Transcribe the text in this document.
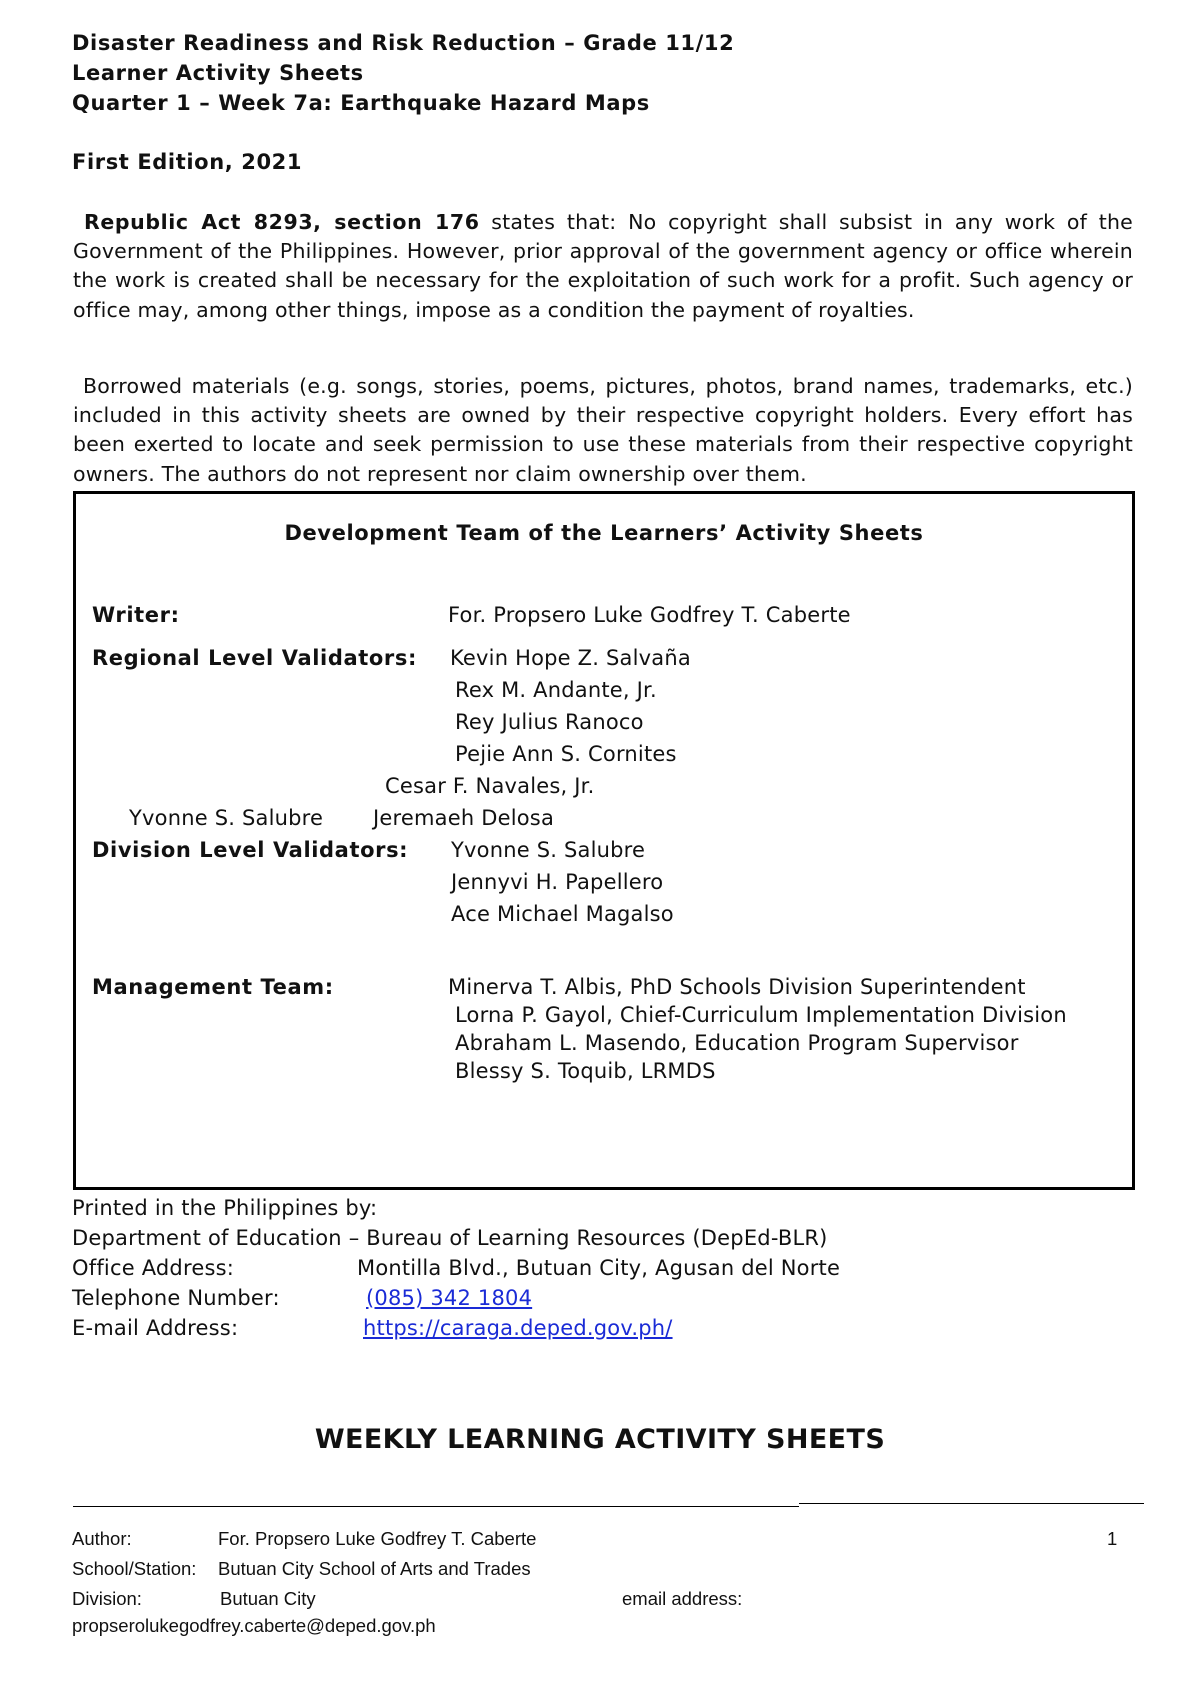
Disaster Readiness and Risk Reduction – Grade 11/12
Learner Activity Sheets
Quarter 1 – Week 7a: Earthquake Hazard Maps
First Edition, 2021
Republic Act 8293, section 176 states that: No copyright shall subsist in any work of the Government of the Philippines. However, prior approval of the government agency or office wherein the work is created shall be necessary for the exploitation of such work for a profit. Such agency or office may, among other things, impose as a condition the payment of royalties.
Borrowed materials (e.g. songs, stories, poems, pictures, photos, brand names, trademarks, etc.) included in this activity sheets are owned by their respective copyright holders. Every effort has been exerted to locate and seek permission to use these materials from their respective copyright owners. The authors do not represent nor claim ownership over them.
Development Team of the Learners’ Activity Sheets
Writer:	For. Propsero Luke Godfrey T. Caberte
Regional Level Validators: Kevin Hope Z. Salvaña
Rex M. Andante, Jr.
Rey Julius Ranoco
Pejie Ann S. Cornites
Cesar F. Navales, Jr.
Yvonne S. Salubre Jeremaeh Delosa
Division Level Validators: Yvonne S. Salubre
Jennyvi H. Papellero
Ace Michael Magalso
Management Team:	Minerva T. Albis, PhD Schools Division Superintendent
Lorna P. Gayol, Chief-Curriculum Implementation Division
Abraham L. Masendo, Education Program Supervisor
Blessy S. Toquib, LRMDS
Printed in the Philippines by:
Department of Education – Bureau of Learning Resources (DepEd-BLR)
Office Address:	Montilla Blvd., Butuan City, Agusan del Norte
Telephone Number:	(085) 342 1804
E-mail Address:	https://caraga.deped.gov.ph/
WEEKLY LEARNING ACTIVITY SHEETS
Author:	For. Propsero Luke Godfrey T. Caberte	1
School/Station: Butuan City School of Arts and Trades
Division:	Butuan City	email address:
propserolukegodfrey.caberte@deped.gov.ph
